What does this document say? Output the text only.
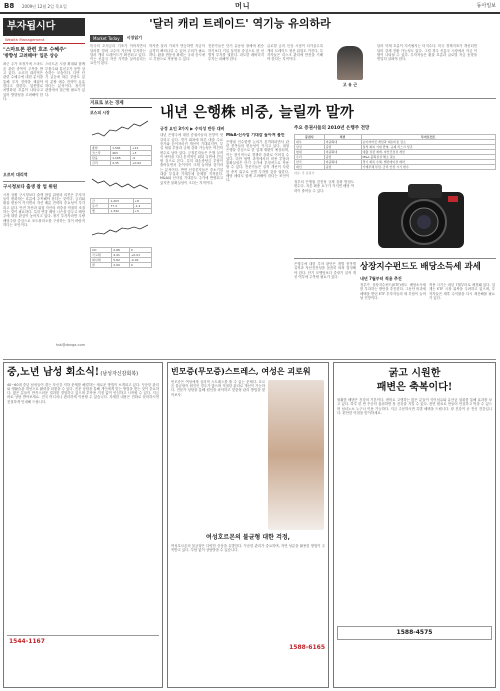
B8 2009년 12월 2일 목요일	머니	동아일보
부자됩시다
Wealth Management
"스마트폰 관련 호조 수혜주"
'방향성 고려해야' 입문 상승
최근 주가 조정기에 스마트폰 관련 종목이 주목을 받고 있다. 오르미 대리역은 관련 수혜주에 대한 분석을 통해 투자 전략을 세워야 한다고 말한다. 업종별로 차별화된 흐름이 나타나고 있어 방향성을 고려해야 한다.
스마트폰 시장 확대와 함께 부품주와 통신주가 동반 상승하는 모습이다. 다만 단기 급등에 따른 부담도 있어 분할 매수 전략이 유효하다는 분석이다. 장기적 관점에서 접근할 필요가 있다.
오르미 대리역
구시청보다 출생 참 업 위원
시장 상황 구시청보다 출생 참업 위원의 의견은 투자자들이 변화하는 흐름에 주목해야 한다는 것이다. 금리와 환율 변동이 커지면서 자산 배분 전략의 중요성이 부각되고 있다. 안전 자산과 위험 자산의 비중을 적절히 조절하는 것이 필요하다. 특히 연말 배당 시즌을 앞두고 배당주에 대한 관심이 높아지고 있다. 장기 투자자라면 우량 배당주를 중심으로 포트폴리오를 구성하는 것이 바람직하다는 조언이다.
hsk@donga.com
'달러 캐리 트레이드' 역기능 유의하라
Market Today	시장읽기
미국의 초저금리 기조가 이어지면서 달러를 빌려 고수익 자산에 투자하는 달러 캐리 트레이드가 확산되고 있다. 이는 신흥국 자산 가격을 끌어올리는 요인이 된다.
하지만 달러 가치가 반등하면 자금이 급격히 빠져나갈 수 있어 주의가 필요하다. 환율 변동성 확대는 국내 증시에도 부담으로 작용할 수 있다.
전문가들은 단기 유동성 장세에 편승하기보다 기업 실적을 중심으로 한 선별적 투자를 권한다. 과도한 레버리지 투자는 피해야 한다.
글로벌 금리 인상 시점이 다가올수록 캐리 트레이드 청산 위험도 커진다. 투자자들은 리스크 관리에 만전을 기해야 한다는 지적이다.
고 유 근
달러 약세 흐름이 지속될지는 미지수다. 미국 경제지표가 개선되면 달러 강세 전환 가능성도 있다. 그럴 경우 신흥국 시장에서 자금 이탈이 나타날 수 있다. 투자자들은 환율 흐름과 글로벌 자금 동향을 면밀히 살펴야 한다.
지표로 보는 경제
코스피 시장
종합	1,591	+12
코스닥	463	+3
환율	1,165	-4
금리	4.35	+0.02
금	1,203	+8
유가	77.3	-1.2
엔	1,342	+5
CD	2.86	0
국고채	4.41	+0.01
회사채	5.62	-0.02
콜	2.00	0
내년 은행株 비중, 늘릴까 말까
긍정 요인 3가지 ▶ 수익성 반등 대비
내년 은행주에 대한 증권사들의 전망이 엇갈리고 있다. 경기 회복에 따른 대출 수요 증가와 순이자마진 개선이 기대되지만, 부실 채권 부담과 규제 강화 가능성은 여전히 변수로 남아 있다. 긍정론자들은 은행 실적이 바닥을 지나 본격적인 회복 국면에 진입할 것으로 본다. 특히 대손충당금 부담이 줄어들면서 순이익이 크게 늘어날 것이라는 분석이다. 반면 신중론자들은 중소기업 대출 부실과 가계부채 문제를 지적한다. M&A와 신사업 기대감도 주가에 반영되고 있지만 불확실성이 크다는 지적이다.
M&A·신사업 기대감 높아져 불안
은행권 인수합병 논의가 본격화되면서 관련 종목들의 변동성이 커지고 있다. 대형 은행을 중심으로 한 업계 재편이 예상되며, 이는 장기적으로 경쟁력 강화로 이어질 수 있다. 다만 합병 과정에서의 비용 부담과 불확실성은 단기 주가에 부정적으로 작용할 수 있다. 전문가들은 실적 개선이 뚜렷한 종목 위주로 선별 투자할 것을 권한다. 배당 매력도 함께 고려해야 한다는 조언이다.
주요 증권사들의 2010년 은행주 전망
증권사	의견	투자포인트
대우	비중확대	순이자마진 개선과 대손비용 감소
삼성	중립	실적 회복 기대 반영, 규제 리스크 상존
현대	비중확대	대출 성장 재개, 자산건전성 개선
우리	중립	M&A 불확실성 해소 필요
한국	비중확대	경기 회복 수혜, 밸류에이션 매력
대신	중립	가계부채 부담, 금리 인상 시기 변수
자료: 각 증권사
정부의 은행권 건전성 규제 강화 방침도 변수다. 자본 확충 요구가 커지면 배당 여력이 줄어들 수 있다.
상장지수펀드도 배당소득세 과세
내년 7월부터 적용 추진
은행주에 대한 투자 판단은 개별 종목별 실적과 자산건전성을 꼼꼼히 따져 결정해야 한다. 단기 모멘텀보다 중장기 실적 개선 여부에 주목할 필요가 있다.
정부가 상장지수펀드(ETF)에도 배당소득세를 부과하는 방안을 추진한다. 그동안 비과세 혜택을 받던 ETF 투자자들의 세 부담이 늘어날 전망이다.
적용 시기는 내년 7월부터로 예정돼 있다. 업계는 ETF 시장 위축을 우려하고 있으며, 투자자들은 세후 수익률을 다시 계산해볼 필요가 있다.
중,노년 남성 회소식! (남성자신감회복)
40~60대 중년 남성들이 겪는 자신감 저하 문제를 해결하는 새로운 방법이 소개되고 있다. 꾸준한 관리와 생활습관 개선으로 활력을 되찾을 수 있다. 전문 상담을 통해 개인에게 맞는 방법을 찾는 것이 중요하다. 많은 분들이 만족스러운 결과를 경험하고 있으며 부작용 걱정 없이 안심하고 시작할 수 있다. 지금 바로 상담 받아보세요. 전국 어디서나 편리하게 이용할 수 있습니다. 자세한 내용은 전화로 문의하시면 친절하게 안내해 드립니다.
1544-1167
빈모증(무모증)스트레스, 여성은 괴로워
빈모증은 여성에게 심리적 스트레스를 줄 수 있는 문제다. 호르몬 불균형이 원인인 경우가 많으며 적절한 관리로 개선이 가능하다. 전문가 상담을 통해 원인을 파악하고 맞춤형 관리 방법을 찾아보자.
여성호르몬의 불균형 대한 걱정,
여성호르몬의 불균형은 다양한 증상을 유발한다. 꾸준한 관리가 중요하며, 자연 성분을 활용한 방법이 주목받고 있다. 부담 없이 상담받을 수 있습니다.
1588-6165
굵고 시원한
패변은 축복이다!
원활한 배변은 건강의 기본이다. 변비로 고생하는 많은 분들이 식이섬유와 유산균 섭취를 통해 효과를 보고 있다. 하루 한 번 꾸준히 섭취하면 장 건강을 지킬 수 있다. 천연 원료로 만들어 안심하고 먹을 수 있으며 남녀노소 누구나 이용 가능하다. 지금 주문하시면 특별 혜택을 드립니다. 장 건강이 곧 전신 건강입니다. 편안한 아침을 맞이하세요.
1588-4575
